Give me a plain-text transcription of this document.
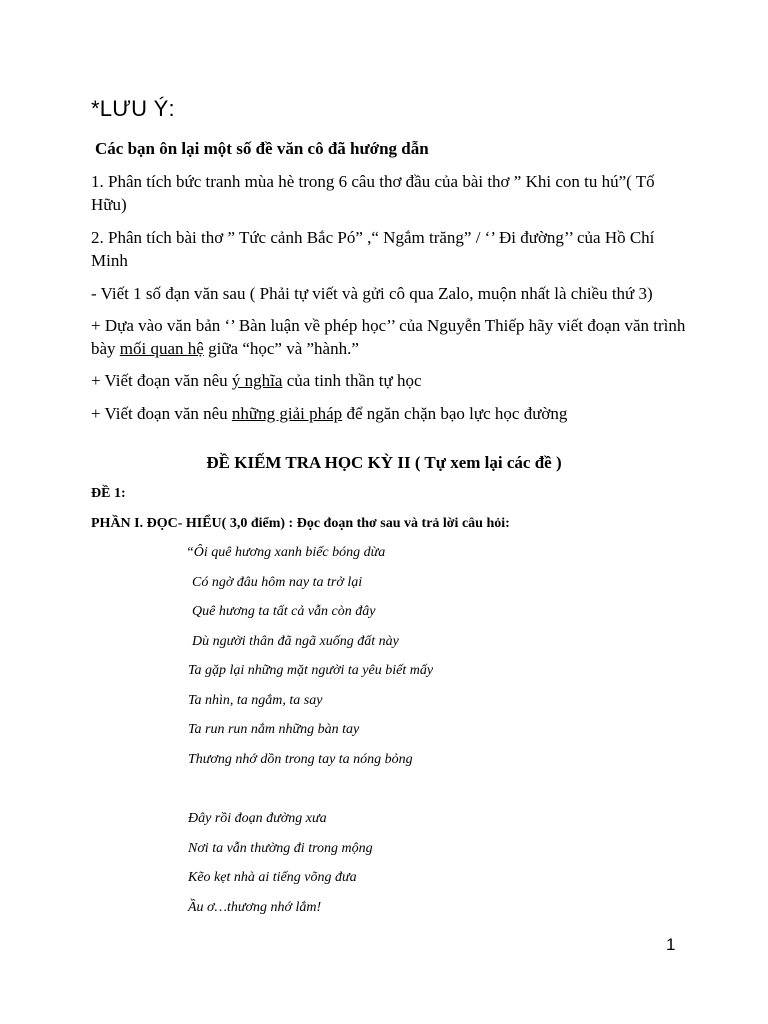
*LƯU Ý:
Các bạn ôn lại một số đề văn cô đã hướng dẫn
1. Phân tích bức tranh mùa hè trong 6 câu thơ đầu của bài thơ ” Khi con tu hú”( Tố Hữu)
2. Phân tích bài thơ ” Tức cảnh Bắc Pó” ,“ Ngắm trăng” / ‘’ Đi đường’’ của Hồ Chí Minh
- Viết 1 số đạn văn sau ( Phải tự viết và gửi cô qua Zalo, muộn nhất là chiều thứ 3)
+ Dựa vào văn bản ‘’ Bàn luận về phép học’’ của Nguyễn Thiếp hãy viết đoạn văn trình bày mối quan hệ giữa “học” và ”hành.”
+ Viết đoạn văn nêu ý nghĩa của tinh thần tự học
+ Viết đoạn văn nêu những giải pháp để ngăn chặn bạo lực học đường
ĐỀ KIẾM TRA HỌC KỲ II ( Tự xem lại các đề )
ĐỀ 1:
PHẦN I. ĐỌC- HIỂU( 3,0 điểm) : Đọc đoạn thơ sau và trả lời câu hỏi:
“Ôi quê hương xanh biếc bóng dừa
Có ngờ đâu hôm nay ta trở lại
Quê hương ta tất cả vẫn còn đây
Dù người thân đã ngã xuống đất này
Ta gặp lại những mặt người ta yêu biết mấy
Ta nhìn, ta ngắm, ta say
Ta run run nắm những bàn tay
Thương nhớ dồn trong tay ta nóng bỏng
Đây rồi đoạn đường xưa
Nơi ta vẫn thường đi trong mộng
Kẽo kẹt nhà ai tiếng võng đưa
Ầu ơ…thương nhớ lắm!
1
